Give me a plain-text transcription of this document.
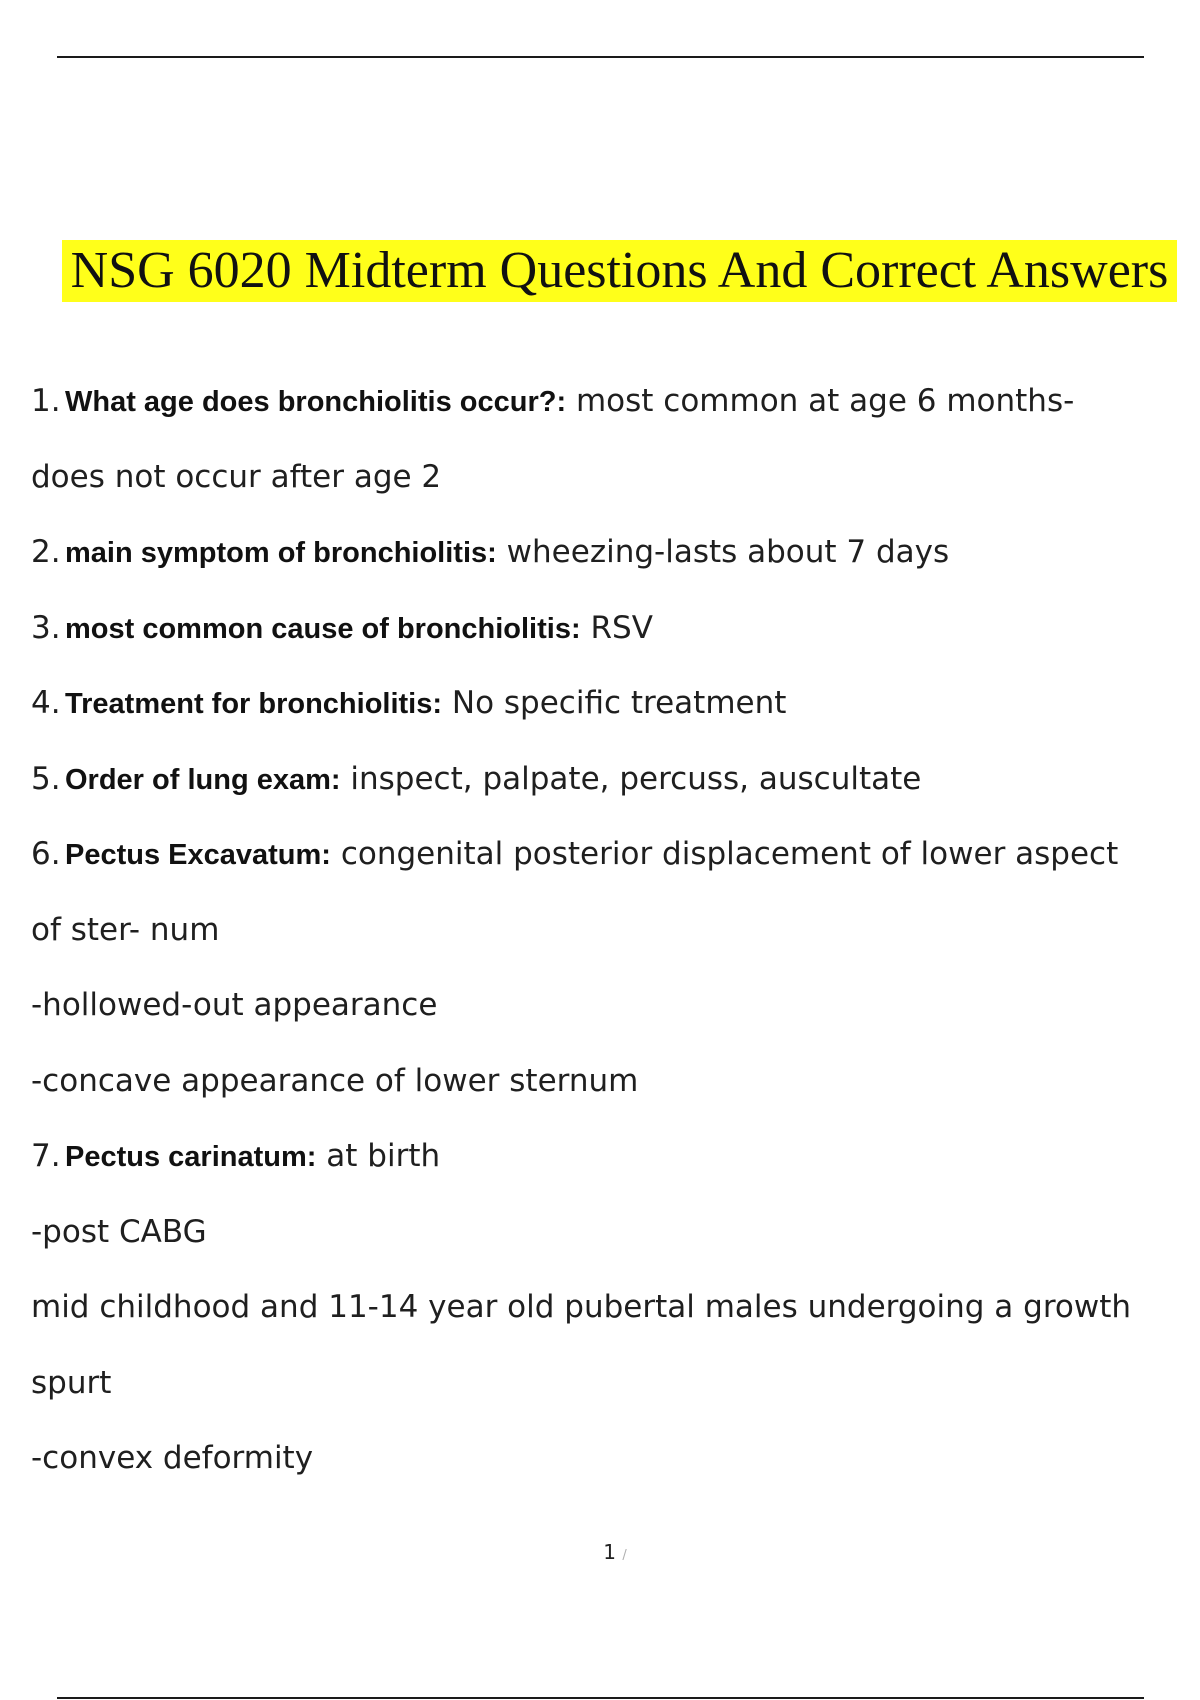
NSG 6020 Midterm Questions And Correct Answers
1. What age does bronchiolitis occur?: most common at age 6 months-
does not occur after age 2
2. main symptom of bronchiolitis: wheezing-lasts about 7 days
3. most common cause of bronchiolitis: RSV
4. Treatment for bronchiolitis: No specific treatment
5. Order of lung exam: inspect, palpate, percuss, auscultate
6. Pectus Excavatum: congenital posterior displacement of lower aspect
of ster- num
-hollowed-out appearance
-concave appearance of lower sternum
7. Pectus carinatum: at birth
-post CABG
mid childhood and 11-14 year old pubertal males undergoing a growth
spurt
-convex deformity
1 /
